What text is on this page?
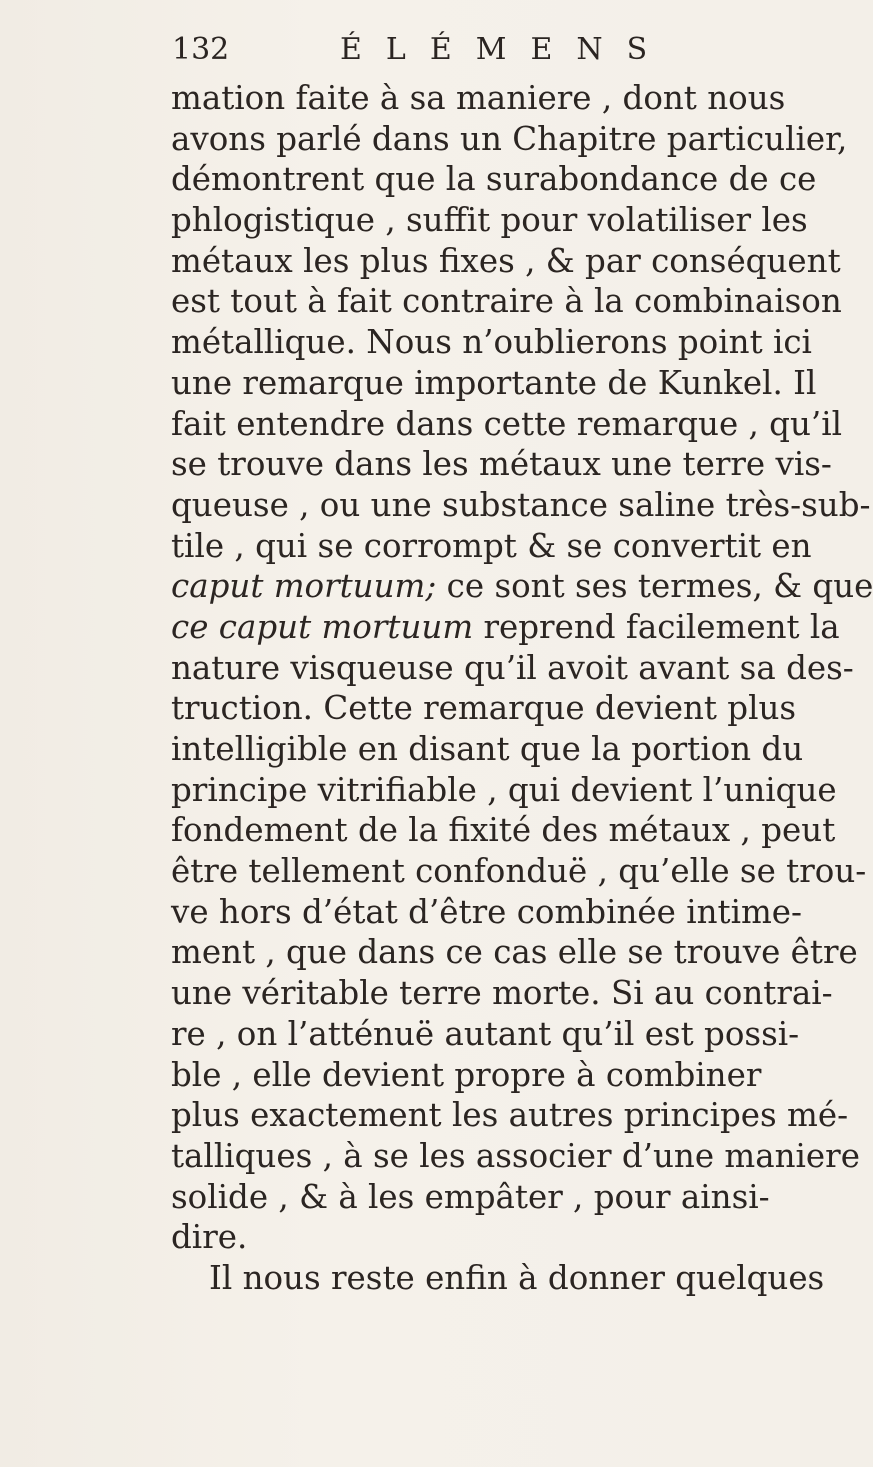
132	ÉLÉMENS
mation faite à sa maniere , dont nous
avons parlé dans un Chapitre particulier,
démontrent que la surabondance de ce
phlogistique , suffit pour volatiliser les
métaux les plus fixes , & par conséquent
est tout à fait contraire à la combinaison
métallique. Nous n’oublierons point ici
une remarque importante de Kunkel. Il
fait entendre dans cette remarque , qu’il
se trouve dans les métaux une terre vis-
queuse , ou une substance saline très-sub-
tile , qui se corrompt & se convertit en
caput mortuum; ce sont ses termes, & que
ce caput mortuum reprend facilement la
nature visqueuse qu’il avoit avant sa des-
truction. Cette remarque devient plus
intelligible en disant que la portion du
principe vitrifiable , qui devient l’unique
fondement de la fixité des métaux , peut
être tellement confonduë , qu’elle se trou-
ve hors d’état d’être combinée intime-
ment , que dans ce cas elle se trouve être
une véritable terre morte. Si au contrai-
re , on l’atténuë autant qu’il est possi-
ble , elle devient propre à combiner
plus exactement les autres principes mé-
talliques , à se les associer d’une maniere
solide , & à les empâter , pour ainsi-
dire.
Il nous reste enfin à donner quelques
